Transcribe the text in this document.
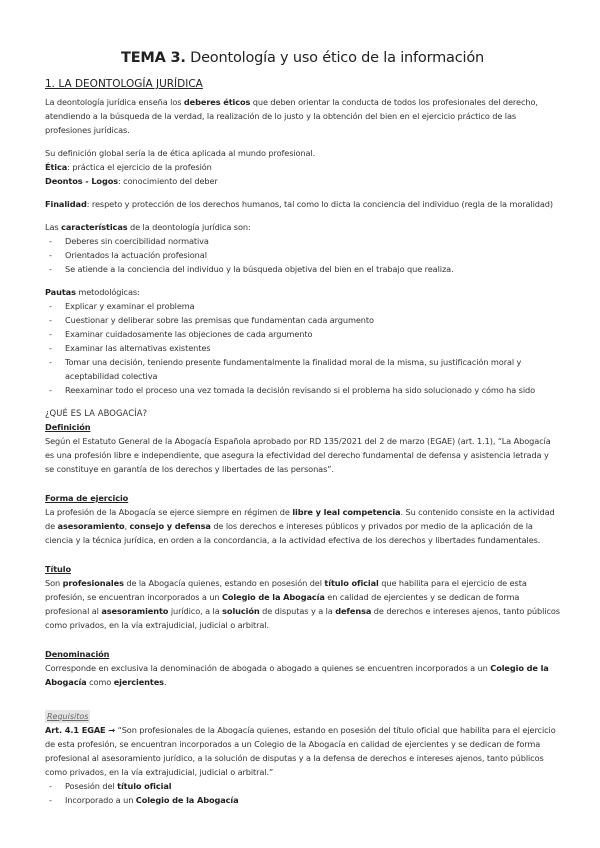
TEMA 3. Deontología y uso ético de la información
1. LA DEONTOLOGÍA JURÍDICA

La deontología jurídica enseña los deberes éticos que deben orientar la conducta de todos los profesionales del derecho, atendiendo a la búsqueda de la verdad, la realización de lo justo y la obtención del bien en el ejercicio práctico de las profesiones jurídicas.

Su definición global sería la de ética aplicada al mundo profesional.

Ética: práctica el ejercicio de la profesión

Deontos - Logos: conocimiento del deber

Finalidad: respeto y protección de los derechos humanos, tal como lo dicta la conciencia del individuo (regla de la moralidad)

Las características de la deontología jurídica son:

- Deberes sin coercibilidad normativa
- Orientados la actuación profesional
- Se atiende a la conciencia del individuo y la búsqueda objetiva del bien en el trabajo que realiza.

Pautas metodológicas:

- Explicar y examinar el problema
- Cuestionar y deliberar sobre las premisas que fundamentan cada argumento
- Examinar cuidadosamente las objeciones de cada argumento
- Examinar las alternativas existentes
- Tomar una decisión, teniendo presente fundamentalmente la finalidad moral de la misma, su justificación moral y aceptabilidad colectiva
- Reexaminar todo el proceso una vez tomada la decisión revisando si el problema ha sido solucionado y cómo ha sido

¿QUÉ ES LA ABOGACÍA?

Definición

Según el Estatuto General de la Abogacía Española aprobado por RD 135/2021 del 2 de marzo (EGAE) (art. 1.1), “La Abogacía es una profesión libre e independiente, que asegura la efectividad del derecho fundamental de defensa y asistencia letrada y se constituye en garantía de los derechos y libertades de las personas”.

Forma de ejercicio

La profesión de la Abogacía se ejerce siempre en régimen de libre y leal competencia. Su contenido consiste en la actividad de asesoramiento, consejo y defensa de los derechos e intereses públicos y privados por medio de la aplicación de la ciencia y la técnica jurídica, en orden a la concordancia, a la actividad efectiva de los derechos y libertades fundamentales.

Título

Son profesionales de la Abogacía quienes, estando en posesión del título oficial que habilita para el ejercicio de esta profesión, se encuentran incorporados a un Colegio de la Abogacía en calidad de ejercientes y se dedican de forma profesional al asesoramiento jurídico, a la solución de disputas y a la defensa de derechos e intereses ajenos, tanto públicos como privados, en la vía extrajudicial, judicial o arbitral.

Denominación

Corresponde en exclusiva la denominación de abogada o abogado a quienes se encuentren incorporados a un Colegio de la Abogacía como ejercientes.

Requisitos

Art. 4.1 EGAE → “Son profesionales de la Abogacía quienes, estando en posesión del título oficial que habilita para el ejercicio de esta profesión, se encuentran incorporados a un Colegio de la Abogacía en calidad de ejercientes y se dedican de forma profesional al asesoramiento jurídico, a la solución de disputas y a la defensa de derechos e intereses ajenos, tanto públicos como privados, en la vía extrajudicial, judicial o arbitral.”

- Posesión del título oficial
- Incorporado a un Colegio de la Abogacía
